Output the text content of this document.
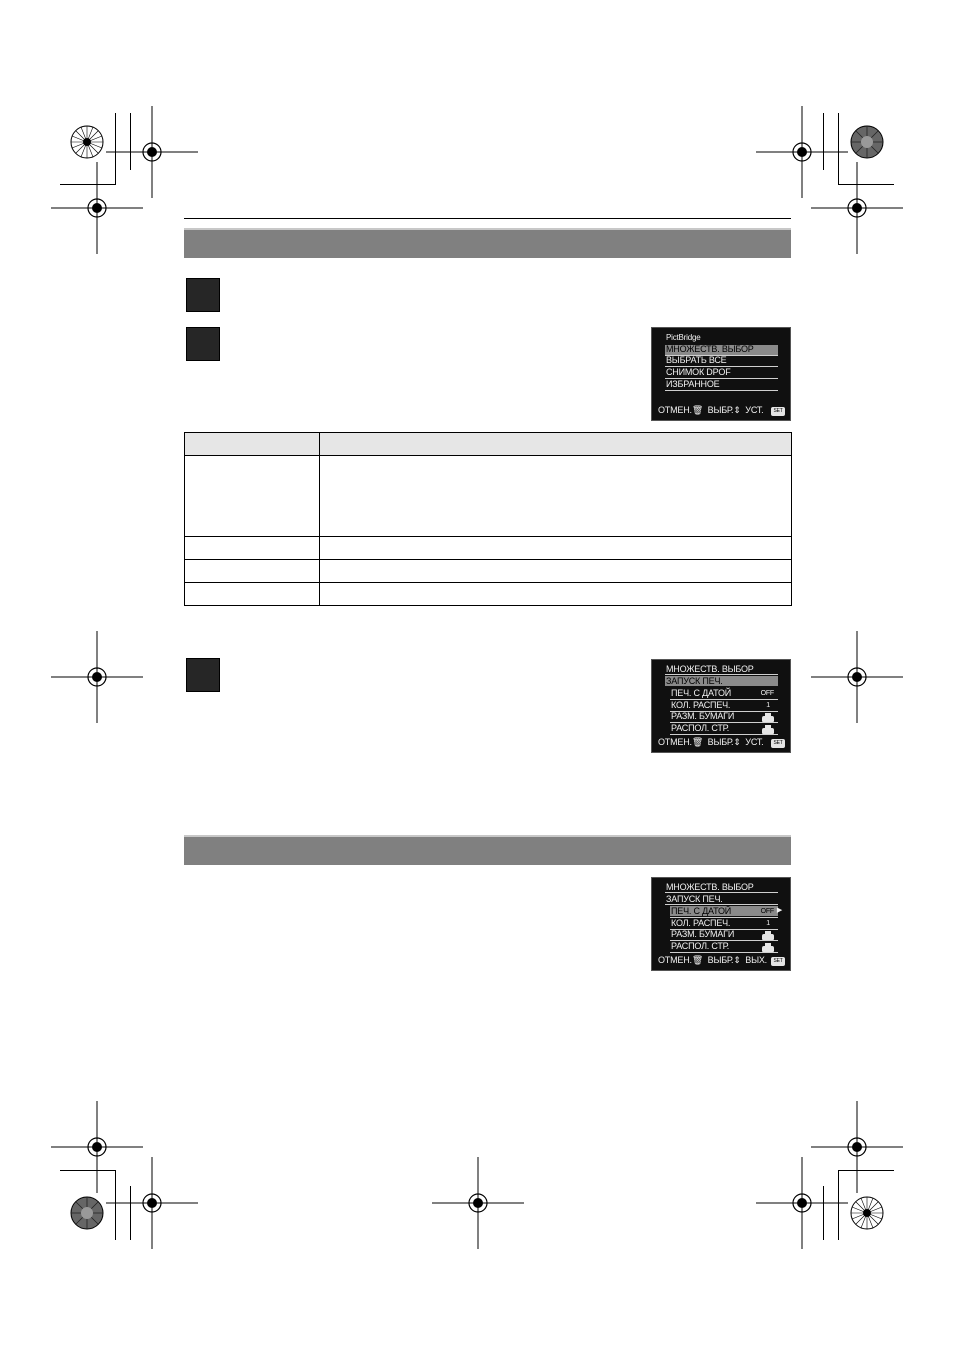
PictBridge
МНОЖЕСТВ. ВЫБОР
ВЫБРАТЬ ВСЕ
СНИМОК DPOF
ИЗБРАННОЕ
ОТМЕН.🗑︎ ВЫБР.⇕ УСТ.	SET

МНОЖЕСТВ. ВЫБОР
ЗАПУСК ПЕЧ.
ПЕЧ. С ДАТОЙ	OFF
КОЛ. РАСПЕЧ.	1
РАЗМ. БУМАГИ
РАСПОЛ. СТР.
ОТМЕН.🗑︎ ВЫБР.⇕ УСТ.	SET
МНОЖЕСТВ. ВЫБОР
ЗАПУСК ПЕЧ.
ПЕЧ. С ДАТОЙ	OFF ▶
КОЛ. РАСПЕЧ.	1
РАЗМ. БУМАГИ
РАСПОЛ. СТР.
ОТМЕН.🗑︎ ВЫБР.⇕ ВЫХ.	SET
